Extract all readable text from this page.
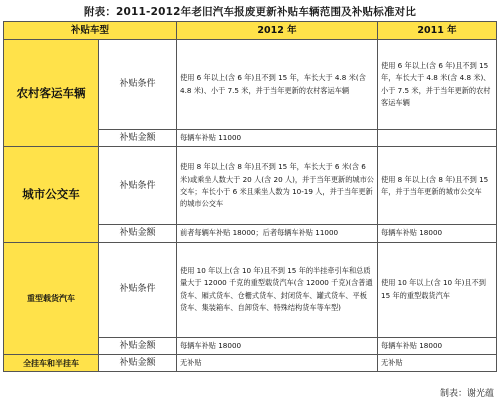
附表：2011-2012年老旧汽车报废更新补贴车辆范围及补贴标准对比
补贴车型		2012 年	2011 年
农村客运车辆	补贴条件	使用 6 年以上(含 6 年)且不到 15 年，车长大于 4.8 米(含 4.8 米)、小于 7.5 米，并于当年更新的农村客运车辆	使用 6 年以上(含 6 年)且不到 15 年，车长大于 4.8 米(含 4.8 米)、小于 7.5 米，并于当年更新的农村客运车辆
	补贴金额	每辆车补贴 11000	
城市公交车	补贴条件	使用 8 年以上(含 8 年)且不到 15 年，车长大于 6 米(含 6 米)或乘坐人数大于 20 人(含 20 人)，并于当年更新的城市公交车；车长小于 6 米且乘坐人数为 10-19 人，并于当年更新的城市公交车	使用 8 年以上(含 8 年)且不到 15 年，并于当年更新的城市公交车
	补贴金额	前者每辆车补贴 18000；后者每辆车补贴 11000	每辆车补贴 18000
重型载货汽车	补贴条件	使用 10 年以上(含 10 年)且不到 15 年的半挂牵引车和总质量大于 12000 千克的重型载货汽车(含 12000 千克)(含普通货车、厢式货车、仓栅式货车、封闭货车、罐式货车、平板货车、集装箱车、自卸货车、特殊结构货车等车型)	使用 10 年以上(含 10 年)且不到 15 年的重型载货汽车
	补贴金额	每辆车补贴 18000	每辆车补贴 18000
全挂车和半挂车	补贴金额	无补贴	无补贴
制表：谢光蕴
